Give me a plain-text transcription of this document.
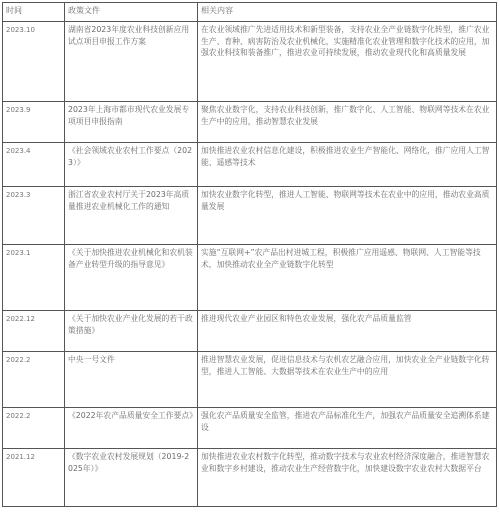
时间	政策文件	相关内容
2023.10	湖南省2023年度农业科技创新应用试点项目申报工作方案	在农业领域推广先进适用技术和新型装备，支持农业全产业链数字化转型，推广农业生产、育种、病害防治及农业机械化，实施精准化农业管理和数字化技术的应用，加强农业科技和装备推广，推进农业可持续发展，推动农业现代化和高质量发展
2023.9	2023年上海市都市现代农业发展专项项目申报指南	聚焦农业数字化，支持农业科技创新，推广数字化、人工智能、物联网等技术在农业生产中的应用，推动智慧农业发展
2023.4	《社会领域农业农村工作要点（2023）》	加快推进农业农村信息化建设，积极推进农业生产智能化、网络化，推广应用人工智能、遥感等技术
2023.3	浙江省农业农村厅关于2023年高质量推进农业机械化工作的通知	加快农业数字化转型，推进人工智能、物联网等技术在农业中的应用，推动农业高质量发展
2023.1	《关于加快推进农业机械化和农机装备产业转型升级的指导意见》	实施“互联网+”农产品出村进城工程，积极推广应用遥感、物联网、人工智能等技术，加快推动农业全产业链数字化转型
2022.12	《关于加快农业产业化发展的若干政策措施》	推进现代农业产业园区和特色农业发展，强化农产品质量监管
2022.2	中央一号文件	推进智慧农业发展，促进信息技术与农机农艺融合应用，加快农业全产业链数字化转型，推进人工智能、大数据等技术在农业生产中的应用
2022.2	《2022年农产品质量安全工作要点》	强化农产品质量安全监管，推进农产品标准化生产，加强农产品质量安全追溯体系建设
2021.12	《数字农业农村发展规划（2019-2025年）》	加快推进农业农村数字化转型，推动数字技术与农业农村经济深度融合，推进智慧农业和数字乡村建设，推动农业生产经营数字化，加快建设数字农业农村大数据平台
